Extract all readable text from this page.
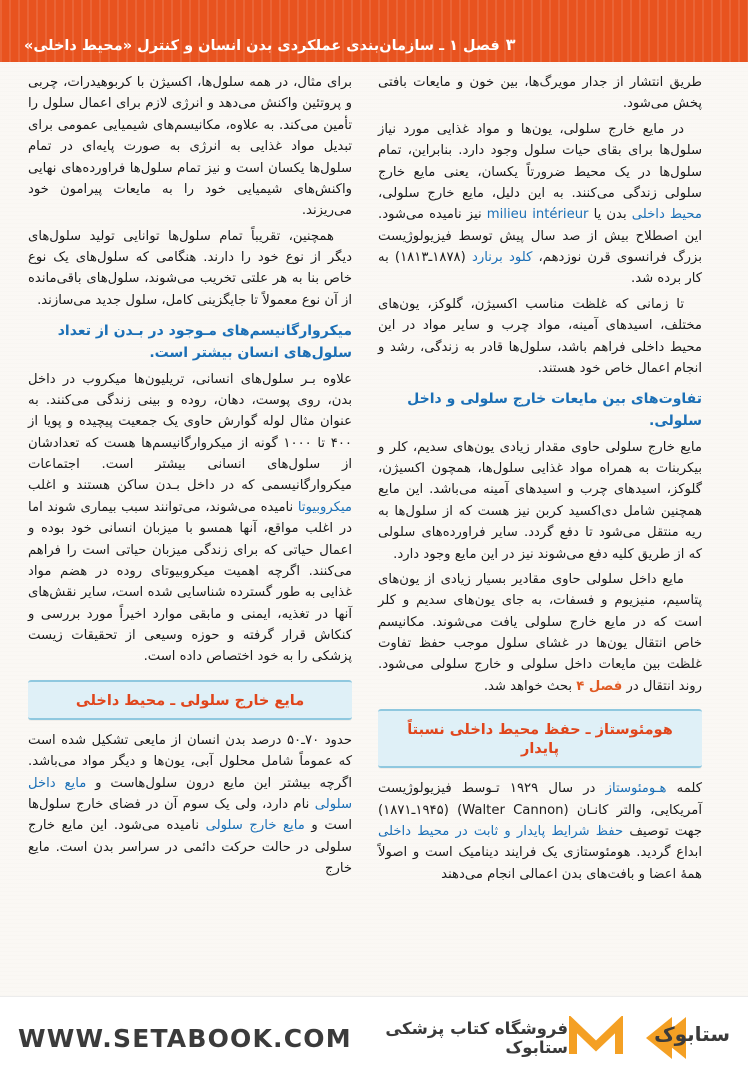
۳
فصل ۱ ـ سازمان‌بندی عملکردی بدن انسان و کنترل «محیط داخلی»

طریق انتشار از جدار مویرگ‌ها، بین خون و مایعات بافتی پخش می‌شود.

در مایع خارج سلولی، یون‌ها و مواد غذایی مورد نیاز سلول‌ها برای بقای حیات سلول وجود دارد. بنابراین، تمام سلول‌ها در یک محیط ضرورتاً یکسان، یعنی مایع خارج سلولی زندگی می‌کنند. به این دلیل، مایع خارج سلولی، محیط داخلی بدن یا milieu intérieur نیز نامیده می‌شود. این اصطلاح بیش از صد سال پیش توسط فیزیولوژیست بزرگ فرانسوی قرن نوزدهم، کلود برنارد (۱۸۷۸ـ۱۸۱۳) به کار برده شد.

تا زمانی که غلظت مناسب اکسیژن، گلوکز، یون‌های مختلف، اسیدهای آمینه، مواد چرب و سایر مواد در این محیط داخلی فراهم باشد، سلول‌ها قادر به زندگی، رشد و انجام اعمال خاص خود هستند.

تفاوت‌های بین مایعات خارج سلولی و داخل سلولی.

مایع خارج سلولی حاوی مقدار زیادی یون‌های سدیم، کلر و بیکربنات به همراه مواد غذایی سلول‌ها، همچون اکسیژن، گلوکز، اسیدهای چرب و اسیدهای آمینه می‌باشد. این مایع همچنین شامل دی‌اکسید کربن نیز هست که از سلول‌ها به ریه منتقل می‌شود تا دفع گردد. سایر فراورده‌های سلولی که از طریق کلیه دفع می‌شوند نیز در این مایع وجود دارد.

مایع داخل سلولی حاوی مقادیر بسیار زیادی از یون‌های پتاسیم، منیزیوم و فسفات، به جای یون‌های سدیم و کلر است که در مایع خارج سلولی یافت می‌شوند. مکانیسم خاص انتقال یون‌ها در غشای سلول موجب حفظ تفاوت غلظت بین مایعات داخل سلولی و خارج سلولی می‌شود. روند انتقال در فصل ۴ بحث خواهد شد.

هومئوستاز ـ حفظ محیط داخلی نسبتاً پایدار

کلمه هـومئوستاز در سال ۱۹۲۹ تـوسط فیزیولوژیست آمریکایی، والتر کانـان (Walter Cannon) (۱۹۴۵ـ۱۸۷۱) جهت توصیف حفظ شرایط پایدار و ثابت در محیط داخلی ابداع گردید. هومئوستازی یک فرایند دینامیک است و اصولاً همهٔ اعضا و بافت‌های بدن اعمالی انجام می‌دهند

برای مثال، در همه سلول‌ها، اکسیژن با کربوهیدرات، چربی و پروتئین واکنش می‌دهد و انرژی لازم برای اعمال سلول را تأمین می‌کند. به علاوه، مکانیسم‌های شیمیایی عمومی برای تبدیل مواد غذایی به انرژی به صورت پایه‌ای در تمام سلول‌ها یکسان است و نیز تمام سلول‌ها فراورده‌های نهایی واکنش‌های شیمیایی خود را به مایعات پیرامون خود می‌ریزند.

همچنین، تقریباً تمام سلول‌ها توانایی تولید سلول‌های دیگر از نوع خود را دارند. هنگامی که سلول‌های یک نوع خاص بنا به هر علتی تخریب می‌شوند، سلول‌های باقی‌مانده از آن نوع معمولاً تا جایگزینی کامل، سلول جدید می‌سازند.

میکروارگانیسم‌های مـوجود در بـدن از تعداد سلول‌های انسان بیشتر است.

علاوه بـر سلول‌های انسانی، تریلیون‌ها میکروب در داخل بدن، روی پوست، دهان، روده و بینی زندگی می‌کنند. به عنوان مثال لوله گوارش حاوی یک جمعیت پیچیده و پویا از ۴۰۰ تا ۱۰۰۰ گونه از میکروارگانیسم‌ها هست که تعدادشان از سلول‌های انسانی بیشتر است. اجتماعات میکروارگانیسمی که در داخل بـدن ساکن هستند و اغلب میکروبیوتا نامیده می‌شوند، می‌توانند سبب بیماری شوند اما در اغلب مواقع، آنها همسو با میزبان انسانی خود بوده و اعمال حیاتی که برای زندگی میزبان حیاتی است را فراهم می‌کنند. اگرچه اهمیت میکروبیوتای روده در هضم مواد غذایی به طور گسترده شناسایی شده است، سایر نقش‌های آنها در تغذیه، ایمنی و مابقی موارد اخیراً مورد بررسی و کنکاش قرار گرفته و حوزه وسیعی از تحقیقات زیست پزشکی را به خود اختصاص داده است.

مایع خارج سلولی ـ محیط داخلی

حدود ۷۰ـ۵۰ درصد بدن انسان از مایعی تشکیل شده است که عموماً شامل محلول آبی، یون‌ها و دیگر مواد می‌باشد. اگرچه بیشتر این مایع درون سلول‌هاست و مایع داخل سلولی نام دارد، ولی یک سوم آن در فضای خارج سلول‌ها است و مایع خارج سلولی نامیده می‌شود. این مایع خارج سلولی در حالت حرکت دائمی در سراسر بدن است. مایع خارج

ستابوک
فروشگاه کتاب پزشکی ستابوک
WWW.SETABOOK.COM
